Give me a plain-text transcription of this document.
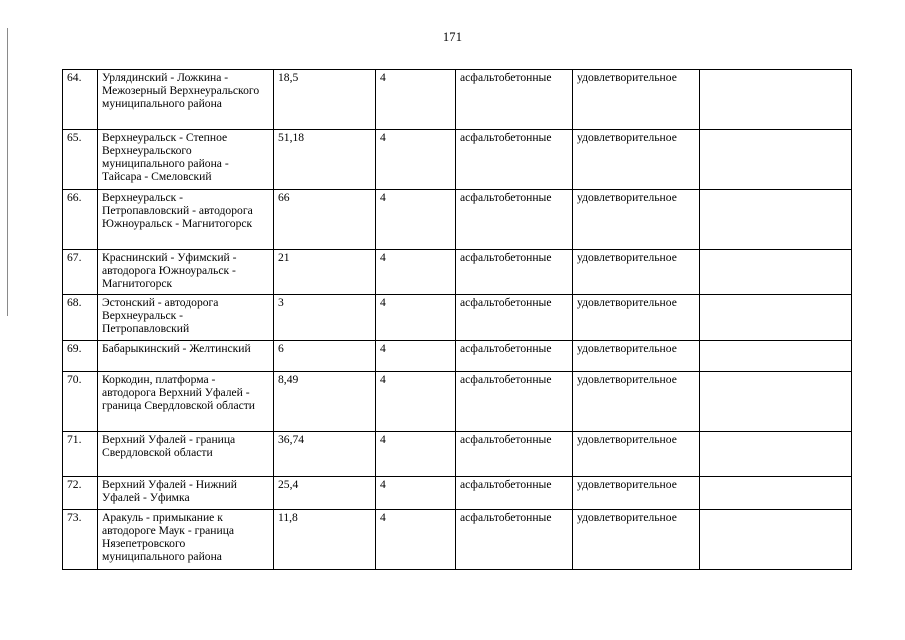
171
64.	Урлядинский - Ложкина - Межозерный Верхнеуральского муниципального района	18,5	4	асфальтобетонные	удовлетворительное	
65.	Верхнеуральск - Степное Верхнеуральского муниципального района - Тайсара - Смеловский	51,18	4	асфальтобетонные	удовлетворительное	
66.	Верхнеуральск - Петропавловский - автодорога Южноуральск - Магнитогорск	66	4	асфальтобетонные	удовлетворительное	
67.	Краснинский - Уфимский - автодорога Южноуральск - Магнитогорск	21	4	асфальтобетонные	удовлетворительное	
68.	Эстонский - автодорога Верхнеуральск - Петропавловский	3	4	асфальтобетонные	удовлетворительное	
69.	Бабарыкинский - Желтинский	6	4	асфальтобетонные	удовлетворительное	
70.	Коркодин, платформа - автодорога Верхний Уфалей - граница Свердловской области	8,49	4	асфальтобетонные	удовлетворительное	
71.	Верхний Уфалей - граница Свердловской области	36,74	4	асфальтобетонные	удовлетворительное	
72.	Верхний Уфалей - Нижний Уфалей - Уфимка	25,4	4	асфальтобетонные	удовлетворительное	
73.	Аракуль - примыкание к автодороге Маук - граница Нязепетровского муниципального района	11,8	4	асфальтобетонные	удовлетворительное	
